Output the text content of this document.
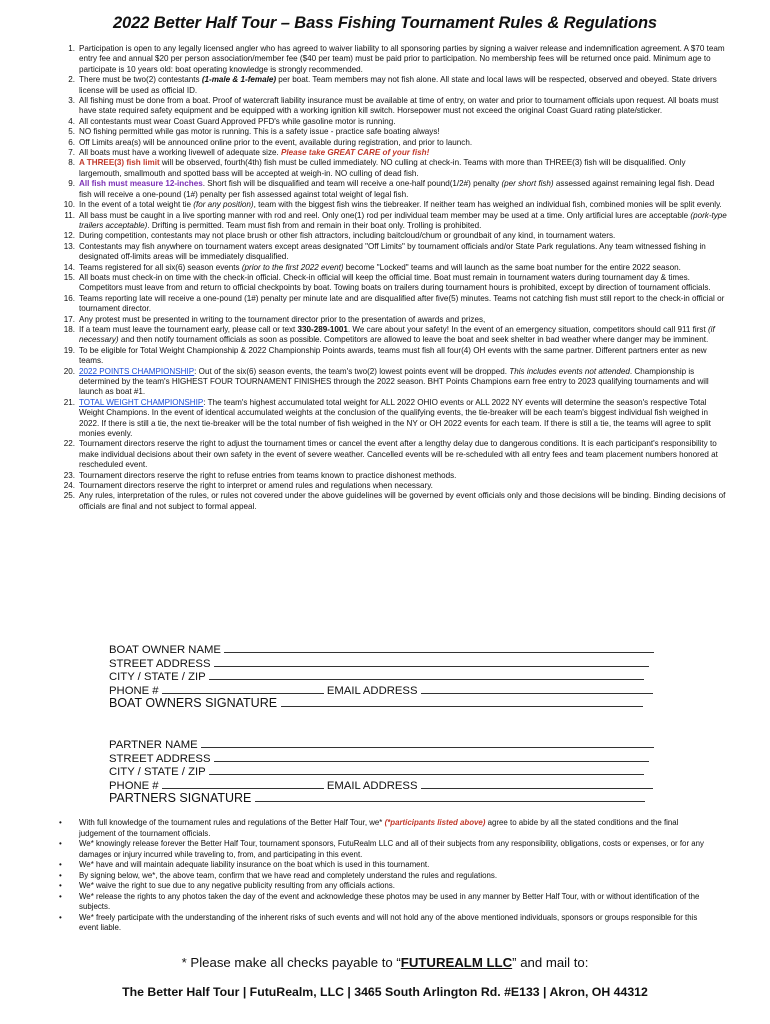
2022 Better Half Tour – Bass Fishing Tournament Rules & Regulations
1. Participation is open to any legally licensed angler who has agreed to waiver liability to all sponsoring parties by signing a waiver release and indemnification agreement. A $70 team entry fee and annual $20 per person association/member fee ($40 per team) must be paid prior to participation. No membership fees will be returned once paid. Minimum age to participate is 10 years old: boat operating knowledge is strongly recommended.
2. There must be two(2) contestants (1-male & 1-female) per boat. Team members may not fish alone. All state and local laws will be respected, observed and obeyed. State drivers license will be used as official ID.
3. All fishing must be done from a boat. Proof of watercraft liability insurance must be available at time of entry, on water and prior to tournament officials upon request. All boats must have state required safety equipment and be equipped with a working ignition kill switch. Horsepower must not exceed the original Coast Guard rating plate/sticker.
4. All contestants must wear Coast Guard Approved PFD's while gasoline motor is running.
5. NO fishing permitted while gas motor is running. This is a safety issue - practice safe boating always!
6. Off Limits area(s) will be announced online prior to the event, available during registration, and prior to launch.
7. All boats must have a working livewell of adequate size. Please take GREAT CARE of your fish!
8. A THREE(3) fish limit will be observed, fourth(4th) fish must be culled immediately. NO culling at check-in. Teams with more than THREE(3) fish will be disqualified. Only largemouth, smallmouth and spotted bass will be accepted at weigh-in. NO culling of dead fish.
9. All fish must measure 12-inches. Short fish will be disqualified and team will receive a one-half pound(1/2#) penalty (per short fish) assessed against remaining legal fish. Dead fish will receive a one-pound (1#) penalty per fish assessed against total weight of legal fish.
10. In the event of a total weight tie (for any position), team with the biggest fish wins the tiebreaker. If neither team has weighed an individual fish, combined monies will be split evenly.
11. All bass must be caught in a live sporting manner with rod and reel. Only one(1) rod per individual team member may be used at a time. Only artificial lures are acceptable (pork-type trailers acceptable). Drifting is permitted. Team must fish from and remain in their boat only. Trolling is prohibited.
12. During competition, contestants may not place brush or other fish attractors, including baitcloud/chum or groundbait of any kind, in tournament waters.
13. Contestants may fish anywhere on tournament waters except areas designated "Off Limits" by tournament officials and/or State Park regulations. Any team witnessed fishing in designated off-limits areas will be immediately disqualified.
14. Teams registered for all six(6) season events (prior to the first 2022 event) become "Locked" teams and will launch as the same boat number for the entire 2022 season.
15. All boats must check-in on time with the check-in official. Check-in official will keep the official time. Boat must remain in tournament waters during tournament day & times. Competitors must leave from and return to official checkpoints by boat. Towing boats on trailers during tournament hours is prohibited, except by direction of tournament officials.
16. Teams reporting late will receive a one-pound (1#) penalty per minute late and are disqualified after five(5) minutes. Teams not catching fish must still report to the check-in official or tournament director.
17. Any protest must be presented in writing to the tournament director prior to the presentation of awards and prizes,
18. If a team must leave the tournament early, please call or text 330-289-1001. We care about your safety! In the event of an emergency situation, competitors should call 911 first (if necessary) and then notify tournament officials as soon as possible. Competitors are allowed to leave the boat and seek shelter in bad weather where danger may be imminent.
19. To be eligible for Total Weight Championship & 2022 Championship Points awards, teams must fish all four(4) OH events with the same partner. Different partners enter as new teams.
20. 2022 POINTS CHAMPIONSHIP: Out of the six(6) season events, the team's two(2) lowest points event will be dropped. This includes events not attended. Championship is determined by the team's HIGHEST FOUR TOURNAMENT FINISHES through the 2022 season. BHT Points Champions earn free entry to 2023 qualifying tournaments and will launch as boat #1.
21. TOTAL WEIGHT CHAMPIONSHIP: The team's highest accumulated total weight for ALL 2022 OHIO events or ALL 2022 NY events will determine the season's respective Total Weight Champions. In the event of identical accumulated weights at the conclusion of the qualifying events, the tie-breaker will be each team's biggest individual fish weighed in 2022. If there is still a tie, the next tie-breaker will be the total number of fish weighed in the NY or OH 2022 events for each team. If there is still a tie, the teams will agree to split monies evenly.
22. Tournament directors reserve the right to adjust the tournament times or cancel the event after a lengthy delay due to dangerous conditions. It is each participant's responsibility to make individual decisions about their own safety in the event of severe weather. Cancelled events will be re-scheduled with all entry fees and team placement numbers honored at rescheduled event.
23. Tournament directors reserve the right to refuse entries from teams known to practice dishonest methods.
24. Tournament directors reserve the right to interpret or amend rules and regulations when necessary.
25. Any rules, interpretation of the rules, or rules not covered under the above guidelines will be governed by event officials only and those decisions will be binding. Binding decisions of officials are final and not subject to formal appeal.
BOAT OWNER NAME
STREET ADDRESS
CITY / STATE / ZIP
PHONE #	EMAIL ADDRESS
BOAT OWNERS SIGNATURE
PARTNER NAME
STREET ADDRESS
CITY / STATE / ZIP
PHONE #	EMAIL ADDRESS
PARTNERS SIGNATURE
• With full knowledge of the tournament rules and regulations of the Better Half Tour, we* (*participants listed above) agree to abide by all the stated conditions and the final judgement of the tournament officials.
• We* knowingly release forever the Better Half Tour, tournament sponsors, FutuRealm LLC and all of their subjects from any responsibility, obligations, costs or expenses, or for any damages or injury incurred while traveling to, from, and participating in this event.
• We* have and will maintain adequate liability insurance on the boat which is used in this tournament.
• By signing below, we*, the above team, confirm that we have read and completely understand the rules and regulations.
• We* waive the right to sue due to any negative publicity resulting from any officials actions.
• We* release the rights to any photos taken the day of the event and acknowledge these photos may be used in any manner by Better Half Tour, with or without identification of the subjects.
• We* freely participate with the understanding of the inherent risks of such events and will not hold any of the above mentioned individuals, sponsors or groups responsible for this event liable.
* Please make all checks payable to “FUTUREALM LLC” and mail to:
The Better Half Tour | FutuRealm, LLC | 3465 South Arlington Rd. #E133 | Akron, OH 44312
